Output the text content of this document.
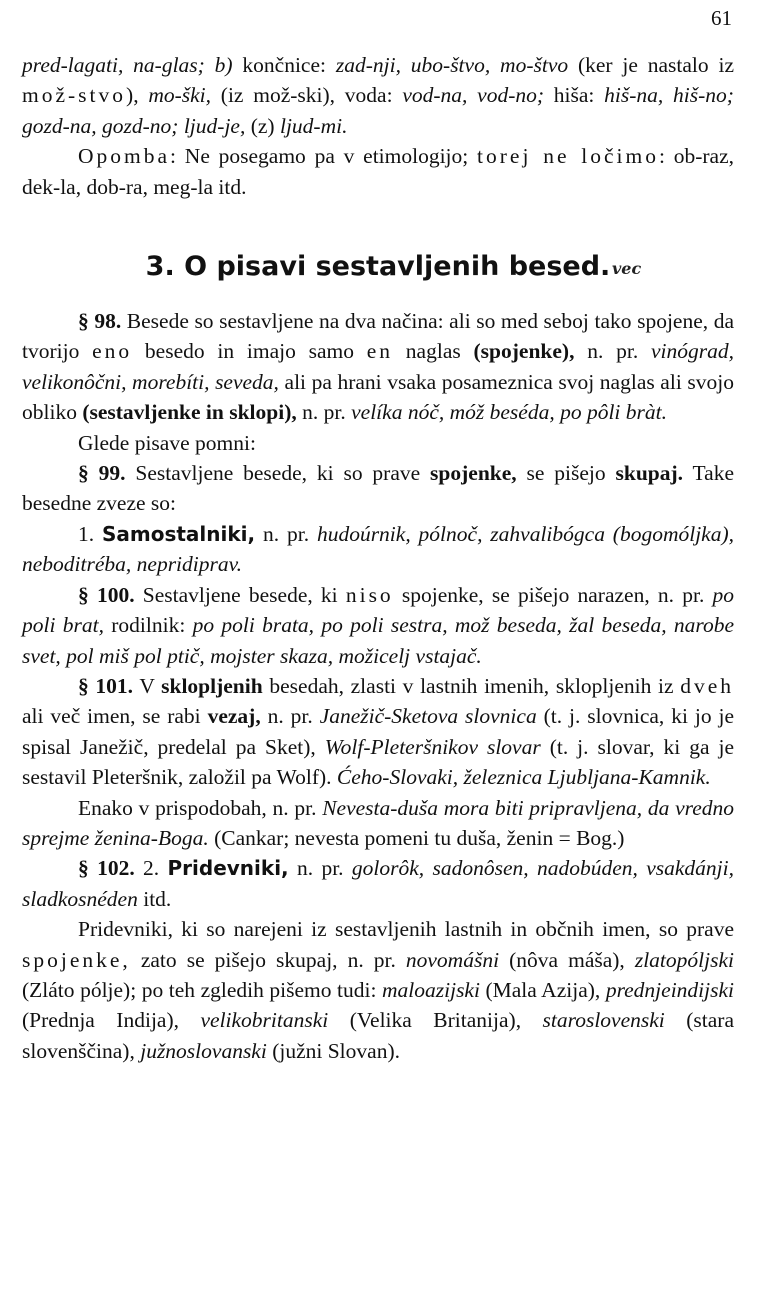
61

pred-lagati, na-glas; b) končnice: zad-nji, ubo-štvo, mo-štvo (ker je nastalo iz mož-stvo), mo-ški, (iz mož-ski), voda: vod-na, vod-no; hiša: hiš-na, hiš-no; gozd-na, gozd-no; ljud-je, (z) ljud-mi.

Opomba: Ne posegamo pa v etimologijo; torej ne ločimo: ob-raz, dek-la, dob-ra, meg-la itd.

3. O pisavi sestavljenih besed. vec

§ 98. Besede so sestavljene na dva načina: ali so med seboj tako spojene, da tvorijo eno besedo in imajo samo en naglas (spojenke), n. pr. vinógrad, velikonôčni, morebíti, seveda, ali pa hrani vsaka posameznica svoj naglas ali svojo obliko (sestavljenke in sklopi), n. pr. velíka nóč, móž beséda, po pôli bràt.

Glede pisave pomni:

§ 99. Sestavljene besede, ki so prave spojenke, se pišejo skupaj. Take besedne zveze so:

1. Samostalniki, n. pr. hudoúrnik, pólnoč, zahvalibógca (bogomóljka), neboditréba, nepridiprav.

§ 100. Sestavljene besede, ki niso spojenke, se pišejo narazen, n. pr. po poli brat, rodilnik: po poli brata, po poli sestra, mož beseda, žal beseda, narobe svet, pol miš pol ptič, mojster skaza, možicelj vstajač.

§ 101. V sklopljenih besedah, zlasti v lastnih imenih, sklopljenih iz dveh ali več imen, se rabi vezaj, n. pr. Janežič-Sketova slovnica (t. j. slovnica, ki jo je spisal Janežič, predelal pa Sket), Wolf-Pleteršnikov slovar (t. j. slovar, ki ga je sestavil Pleteršnik, založil pa Wolf). Ćeho-Slovaki, železnica Ljubljana-Kamnik.

Enako v prispodobah, n. pr. Nevesta-duša mora biti pripravljena, da vredno sprejme ženina-Boga. (Cankar; nevesta pomeni tu duša, ženin = Bog.)

§ 102. 2. Pridevniki, n. pr. golorôk, sadonôsen, nadobúden, vsakdánji, sladkosnéden itd.

Pridevniki, ki so narejeni iz sestavljenih lastnih in občnih imen, so prave spojenke, zato se pišejo skupaj, n. pr. novomášni (nôva máša), zlatopóljski (Zláto pólje); po teh zgledih pišemo tudi: maloazijski (Mala Azija), prednjeindijski (Prednja Indija), velikobritanski (Velika Britanija), staroslovenski (stara slovenščina), južnoslovanski (južni Slovan).
